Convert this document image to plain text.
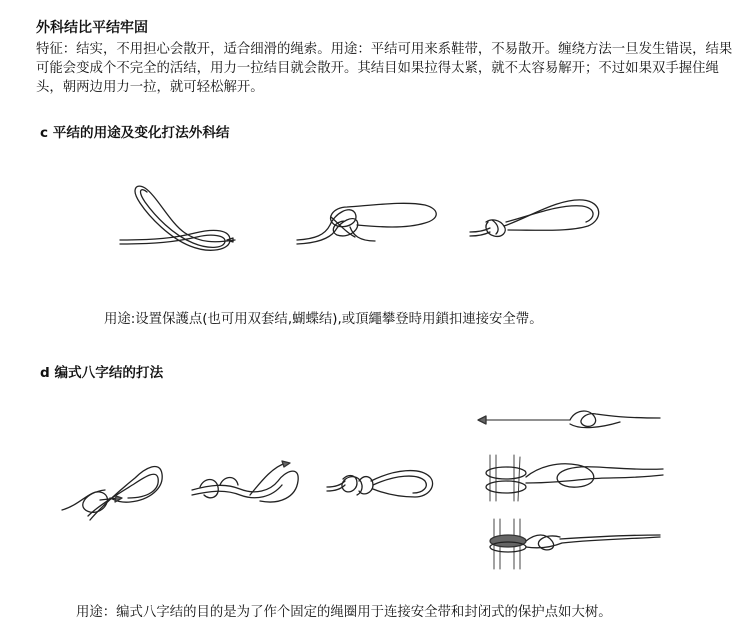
外科结比平结牢固

特征：结实，不用担心会散开，适合细滑的绳索。用途：平结可用来系鞋带，不易散开。缠绕方法一旦发生错误，结果可能会变成个不完全的活结，用力一拉结目就会散开。其结目如果拉得太紧，就不太容易解开；不过如果双手握住绳头，朝两边用力一拉，就可轻松解开。

c 平结的用途及变化打法外科结
用途:设置保護点(也可用双套结,蝴蝶结),或頂繩攀登時用鎖扣連接安全帶。
d 编式八字结的打法
用途：编式八字结的目的是为了作个固定的绳圈用于连接安全带和封闭式的保护点如大树。
